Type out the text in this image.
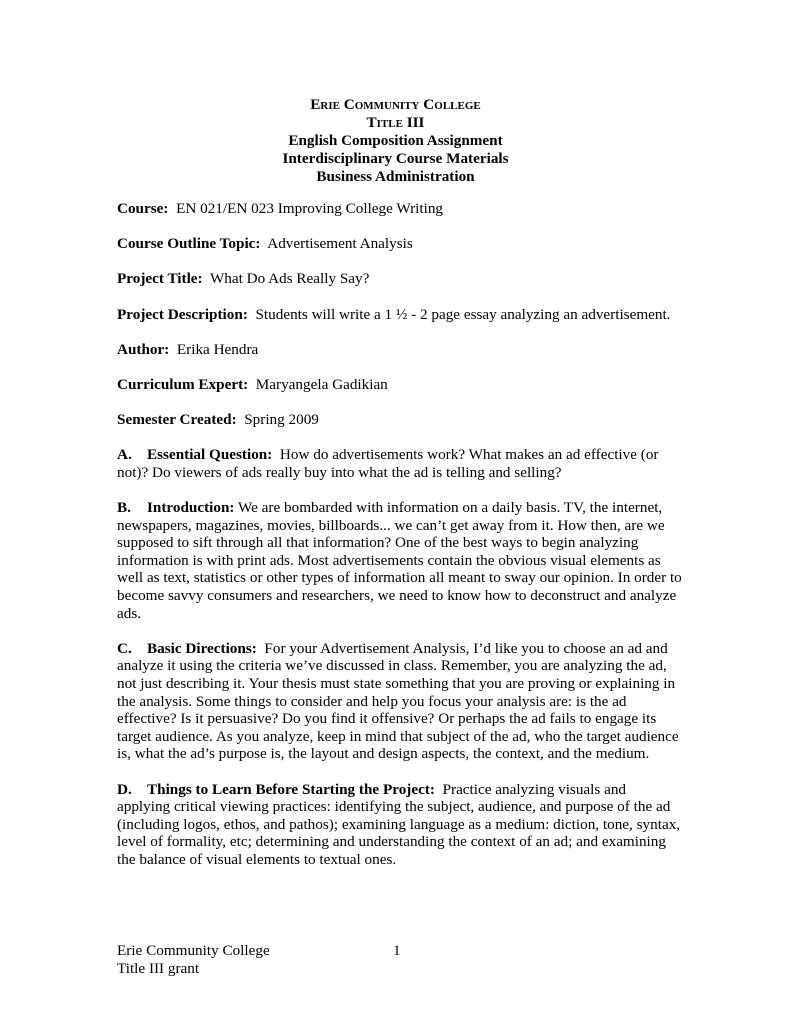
Erie Community College
Title III
English Composition Assignment
Interdisciplinary Course Materials
Business Administration

Course: EN 021/EN 023 Improving College Writing

Course Outline Topic: Advertisement Analysis

Project Title: What Do Ads Really Say?

Project Description: Students will write a 1 ½ - 2 page essay analyzing an advertisement.

Author: Erika Hendra

Curriculum Expert: Maryangela Gadikian

Semester Created: Spring 2009

A. Essential Question: How do advertisements work? What makes an ad effective (or not)? Do viewers of ads really buy into what the ad is telling and selling?

B. Introduction: We are bombarded with information on a daily basis. TV, the internet, newspapers, magazines, movies, billboards... we can’t get away from it. How then, are we supposed to sift through all that information? One of the best ways to begin analyzing information is with print ads. Most advertisements contain the obvious visual elements as well as text, statistics or other types of information all meant to sway our opinion. In order to become savvy consumers and researchers, we need to know how to deconstruct and analyze ads.

C. Basic Directions: For your Advertisement Analysis, I’d like you to choose an ad and analyze it using the criteria we’ve discussed in class. Remember, you are analyzing the ad, not just describing it. Your thesis must state something that you are proving or explaining in the analysis. Some things to consider and help you focus your analysis are: is the ad effective? Is it persuasive? Do you find it offensive? Or perhaps the ad fails to engage its target audience. As you analyze, keep in mind that subject of the ad, who the target audience is, what the ad’s purpose is, the layout and design aspects, the context, and the medium.

D. Things to Learn Before Starting the Project: Practice analyzing visuals and applying critical viewing practices: identifying the subject, audience, and purpose of the ad (including logos, ethos, and pathos); examining language as a medium: diction, tone, syntax, level of formality, etc; determining and understanding the context of an ad; and examining the balance of visual elements to textual ones.

Erie Community College
Title III grant
1
